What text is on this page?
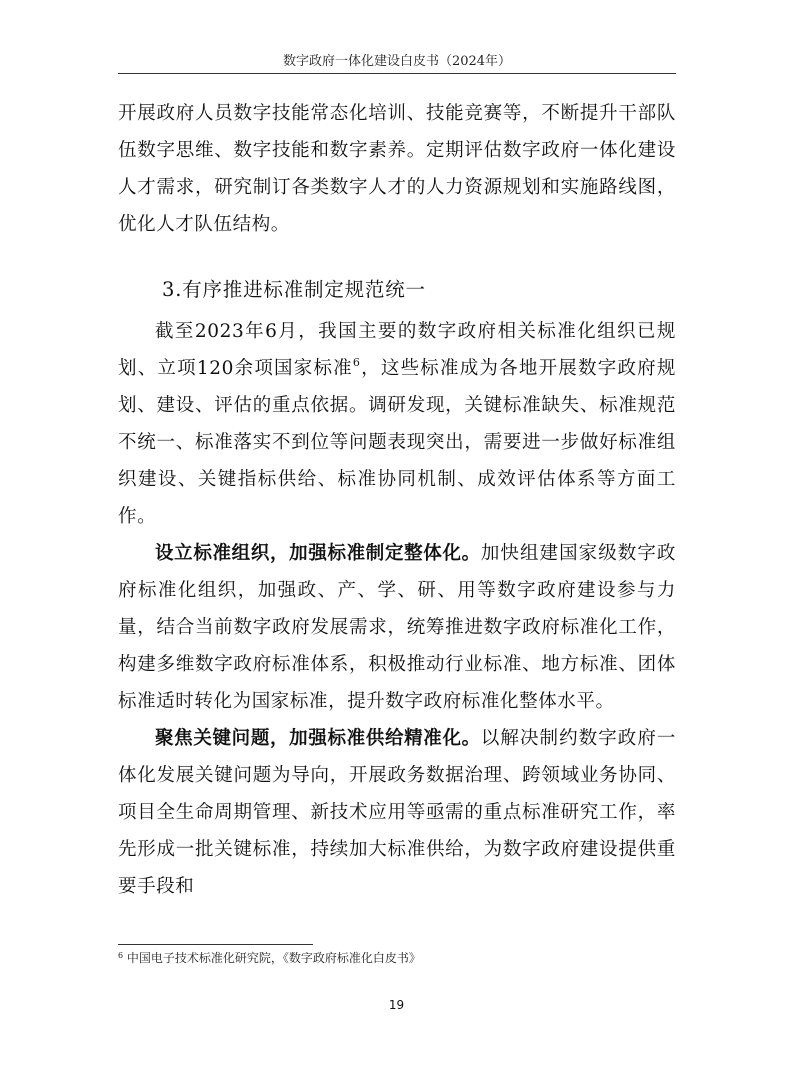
数字政府一体化建设白皮书（2024年）

开展政府人员数字技能常态化培训、技能竞赛等，不断提升干部队伍数字思维、数字技能和数字素养。定期评估数字政府一体化建设人才需求，研究制订各类数字人才的人力资源规划和实施路线图，优化人才队伍结构。

3.有序推进标准制定规范统一

截至2023年6月，我国主要的数字政府相关标准化组织已规划、立项120余项国家标准$^6$，这些标准成为各地开展数字政府规划、建设、评估的重点依据。调研发现，关键标准缺失、标准规范不统一、标准落实不到位等问题表现突出，需要进一步做好标准组织建设、关键指标供给、标准协同机制、成效评估体系等方面工作。

设立标准组织，加强标准制定整体化。加快组建国家级数字政府标准化组织，加强政、产、学、研、用等数字政府建设参与力量，结合当前数字政府发展需求，统筹推进数字政府标准化工作，构建多维数字政府标准体系，积极推动行业标准、地方标准、团体标准适时转化为国家标准，提升数字政府标准化整体水平。

聚焦关键问题，加强标准供给精准化。以解决制约数字政府一体化发展关键问题为导向，开展政务数据治理、跨领域业务协同、项目全生命周期管理、新技术应用等亟需的重点标准研究工作，率先形成一批关键标准，持续加大标准供给，为数字政府建设提供重要手段和

$^6$ 中国电子技术标准化研究院，《数字政府标准化白皮书》
19
